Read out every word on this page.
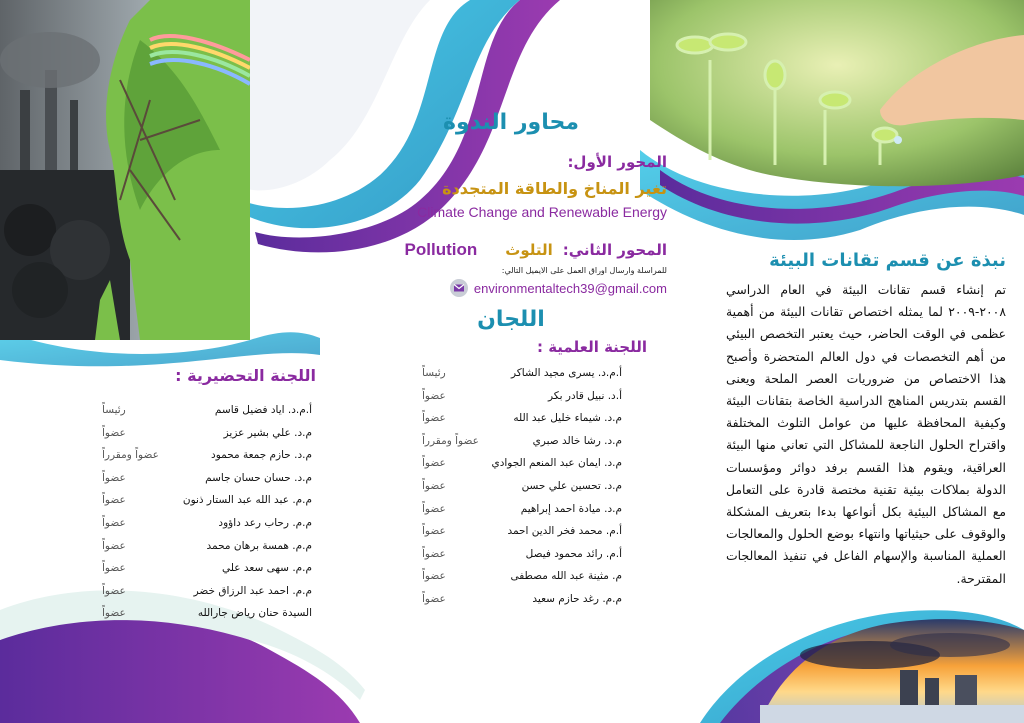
نبذة عن قسم تقانات البيئة

تم إنشاء قسم تقانات البيئة في العام الدراسي ٢٠٠٨-٢٠٠٩ لما يمثله اختصاص تقانات البيئة من أهمية عظمى في الوقت الحاضر، حيث يعتبر التخصص البيئي من أهم التخصصات في دول العالم المتحضرة وأصبح هذا الاختصاص من ضروريات العصر الملحة ويعنى القسم بتدريس المناهج الدراسية الخاصة بتقانات البيئة وكيفية المحافظة عليها من عوامل التلوث المختلفة واقتراح الحلول الناجعة للمشاكل التي تعاني منها البيئة العراقية، ويقوم هذا القسم برفد دوائر ومؤسسات الدولة بملاكات بيئية تقنية مختصة قادرة على التعامل مع المشاكل البيئية بكل أنواعها بدءا بتعريف المشكلة والوقوف على حيثياتها وانتهاء بوضع الحلول والمعالجات العملية المناسبة والإسهام الفاعل في تنفيذ المعالجات المقترحة.

محاور الندوة
المحور الأول:
تغير المناخ والطاقة المتجددة
Climate Change and Renewable Energy
المحور الثاني:
التلوث
Pollution
للمراسلة وارسال اوراق العمل على الايميل التالي:
environmentaltech39@gmail.com
اللجان
اللجنة العلمية :
أ.م.د. يسرى مجيد الشاكر
رئيساً
أ.د. نبيل قادر بكر
عضواً
م.د. شيماء خليل عبد الله
عضواً
م.د. رشا خالد صبري
عضواً ومقرراً
م.د. ايمان عبد المنعم الجوادي
عضواً
م.د. تحسين علي حسن
عضواً
م.د. ميادة احمد إبراهيم
عضواً
أ.م. محمد فخر الدين احمد
عضواً
أ.م. رائد محمود فيصل
عضواً
م. مثينة عبد الله مصطفى
عضواً
م.م. رغد حازم سعيد
عضواً
اللجنة التحضيرية :
أ.م.د. اياد فضيل قاسم
رئيساً
م.د. علي بشير عزيز
عضواً
م.د. حازم جمعة محمود
عضواً ومقرراً
م.د. حسان حسان جاسم
عضواً
م.م. عبد الله عبد الستار ذنون
عضواً
م.م. رحاب رعد داؤود
عضواً
م.م. همسة برهان محمد
عضواً
م.م. سهى سعد علي
عضواً
م.م. احمد عبد الرزاق خضر
عضواً
السيدة حنان رياض جارالله
عضواً
